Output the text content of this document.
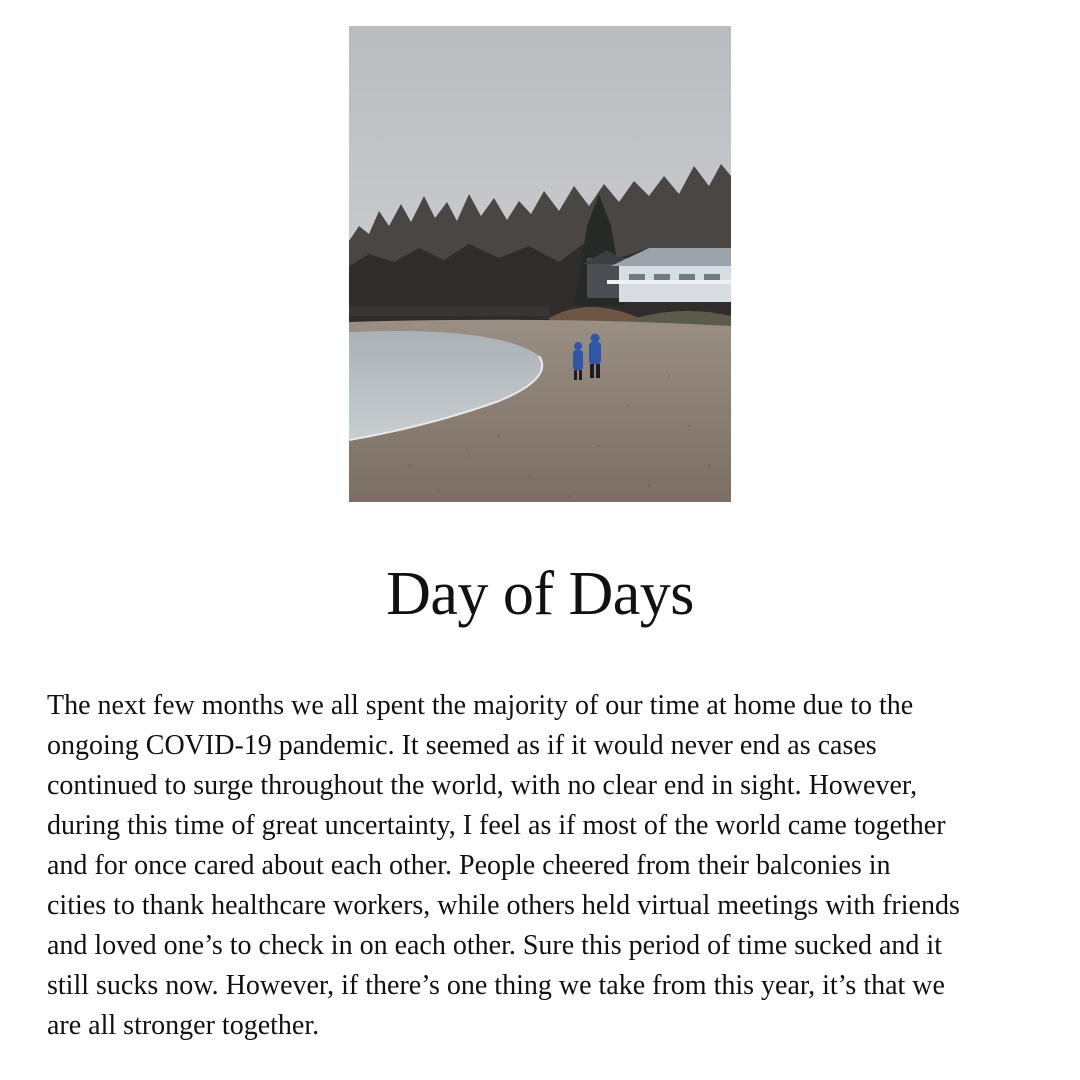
Day of Days

The next few months we all spent the majority of our time at home due to the
ongoing COVID-19 pandemic. It seemed as if it would never end as cases
continued to surge throughout the world, with no clear end in sight. However,
during this time of great uncertainty, I feel as if most of the world came together
and for once cared about each other. People cheered from their balconies in
cities to thank healthcare workers, while others held virtual meetings with friends
and loved one’s to check in on each other. Sure this period of time sucked and it
still sucks now. However, if there’s one thing we take from this year, it’s that we
are all stronger together.
